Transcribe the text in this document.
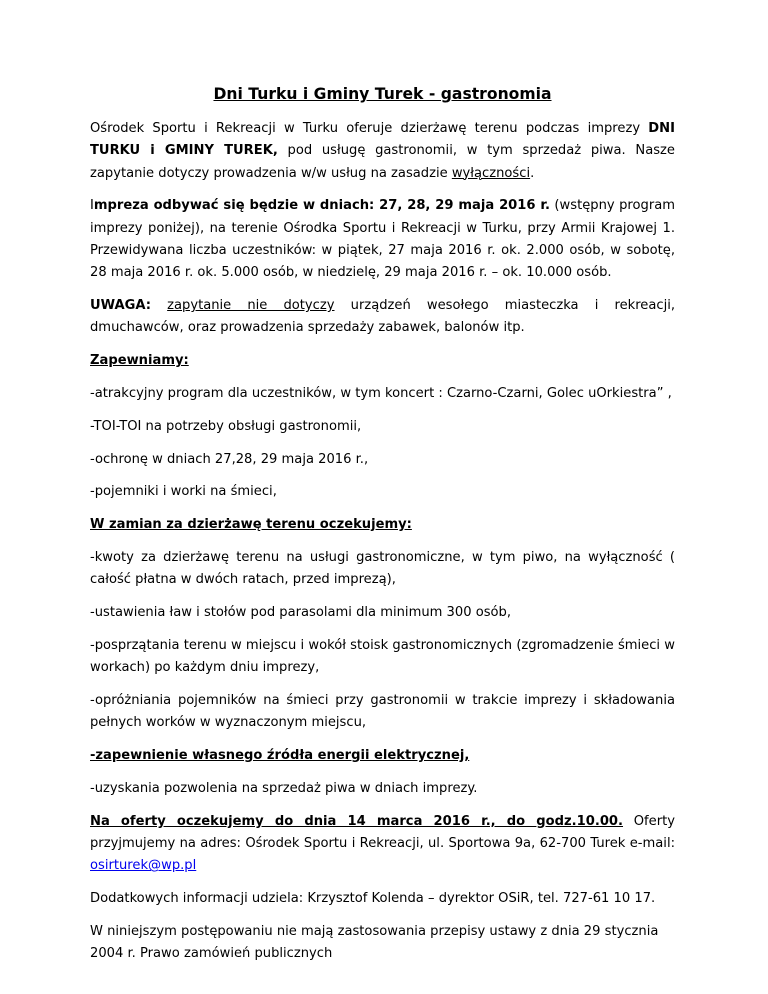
Dni Turku i Gminy Turek - gastronomia

Ośrodek Sportu i Rekreacji w Turku oferuje dzierżawę terenu podczas imprezy DNI TURKU i GMINY TUREK, pod usługę gastronomii, w tym sprzedaż piwa. Nasze zapytanie dotyczy prowadzenia w/w usług na zasadzie wyłączności.

Impreza odbywać się będzie w dniach: 27, 28, 29 maja 2016 r. (wstępny program imprezy poniżej), na terenie Ośrodka Sportu i Rekreacji w Turku, przy Armii Krajowej 1. Przewidywana liczba uczestników: w piątek, 27 maja 2016 r. ok. 2.000 osób, w sobotę, 28 maja 2016 r. ok. 5.000 osób, w niedzielę, 29 maja 2016 r. – ok. 10.000 osób.

UWAGA: zapytanie nie dotyczy urządzeń wesołego miasteczka i rekreacji, dmuchawców, oraz prowadzenia sprzedaży zabawek, balonów itp.

Zapewniamy:

-atrakcyjny program dla uczestników, w tym koncert : Czarno-Czarni, Golec uOrkiestra” ,

-TOI-TOI na potrzeby obsługi gastronomii,

-ochronę w dniach 27,28, 29 maja 2016 r.,

-pojemniki i worki na śmieci,

W zamian za dzierżawę terenu oczekujemy:

-kwoty za dzierżawę terenu na usługi gastronomiczne, w tym piwo, na wyłączność ( całość płatna w dwóch ratach, przed imprezą),

-ustawienia ław i stołów pod parasolami dla minimum 300 osób,

-posprzątania terenu w miejscu i wokół stoisk gastronomicznych (zgromadzenie śmieci w workach) po każdym dniu imprezy,

-opróżniania pojemników na śmieci przy gastronomii w trakcie imprezy i składowania pełnych worków w wyznaczonym miejscu,

-zapewnienie własnego źródła energii elektrycznej,

-uzyskania pozwolenia na sprzedaż piwa w dniach imprezy.

Na oferty oczekujemy do dnia 14 marca 2016 r., do godz.10.00. Oferty przyjmujemy na adres: Ośrodek Sportu i Rekreacji, ul. Sportowa 9a, 62-700 Turek e-mail: osirturek@wp.pl

Dodatkowych informacji udziela: Krzysztof Kolenda – dyrektor OSiR, tel. 727-61 10 17.

W niniejszym postępowaniu nie mają zastosowania przepisy ustawy z dnia 29 stycznia 2004 r. Prawo zamówień publicznych
